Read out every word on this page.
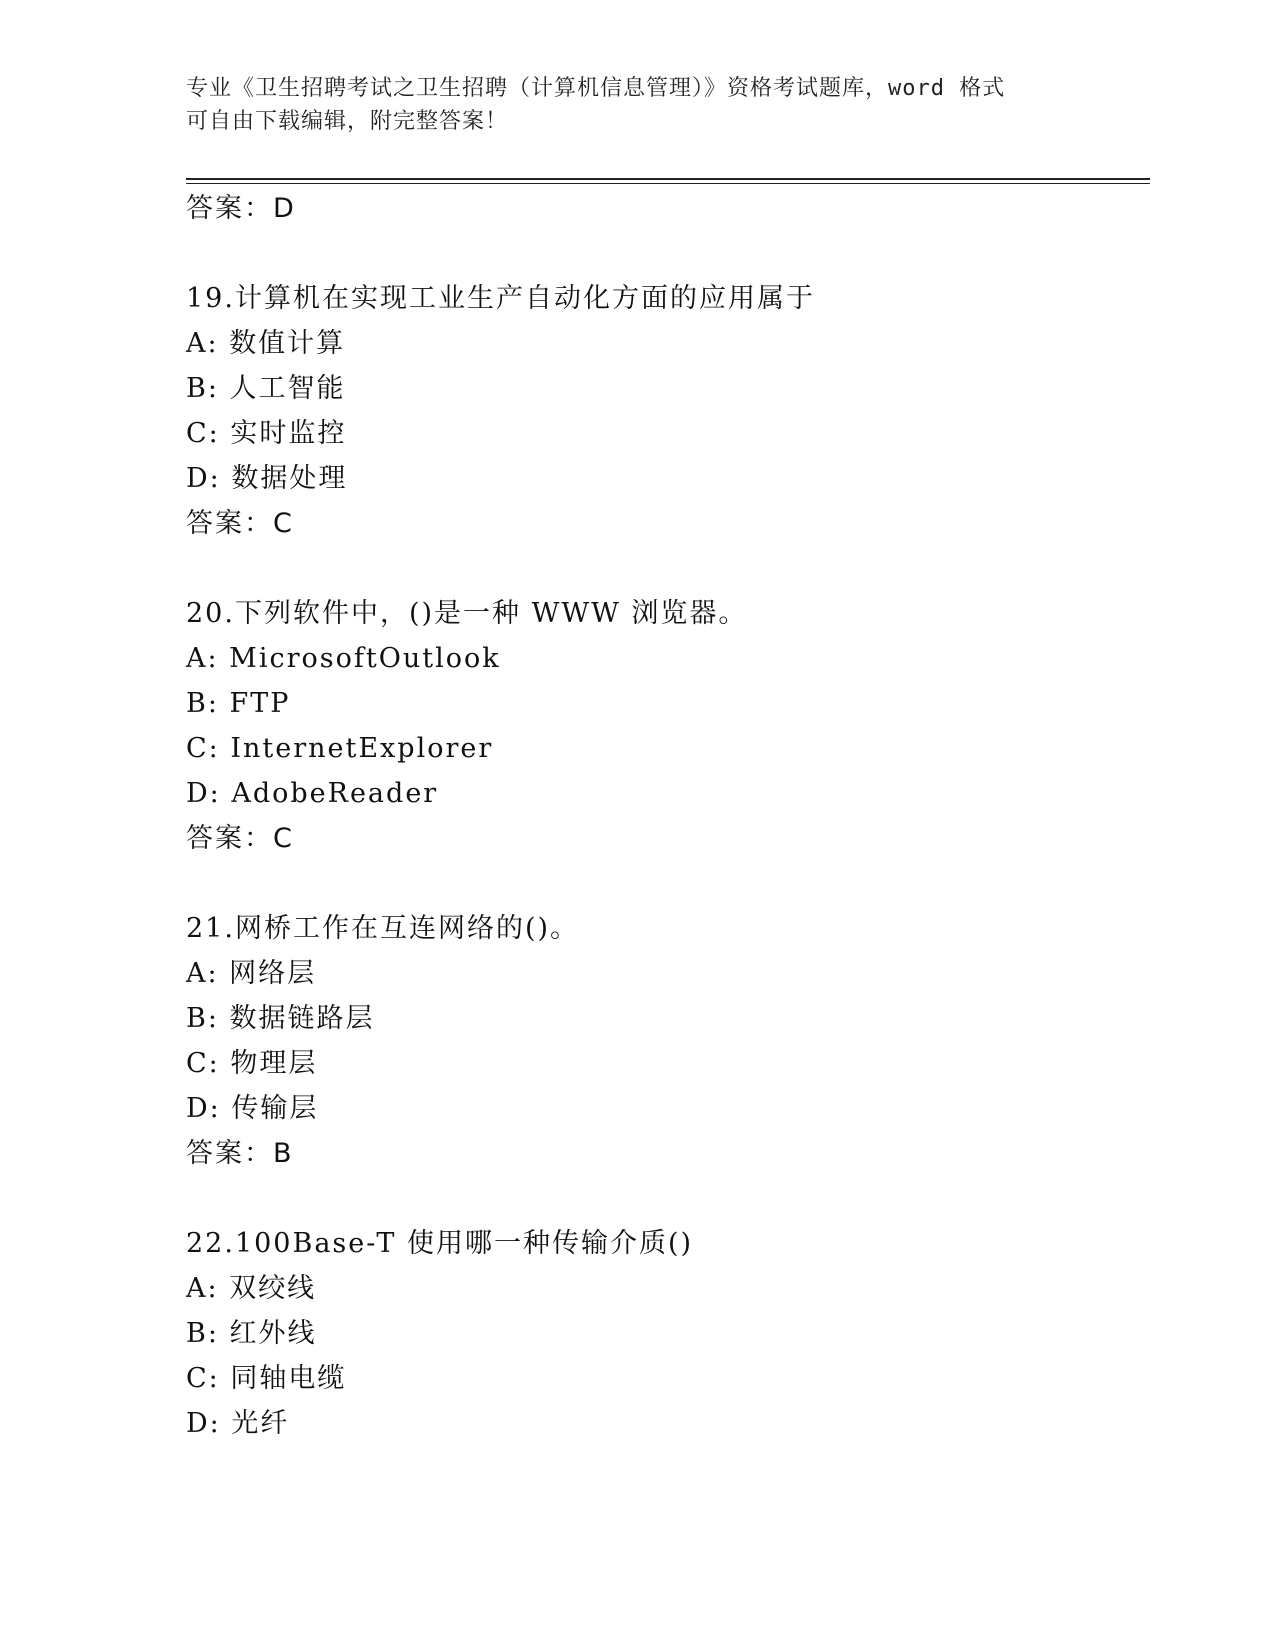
专业《卫生招聘考试之卫生招聘（计算机信息管理）》资格考试题库，word 格式
可自由下载编辑，附完整答案！
答案：D
19.计算机在实现工业生产自动化方面的应用属于
A: 数值计算
B: 人工智能
C: 实时监控
D: 数据处理
答案：C
20.下列软件中，()是一种 WWW 浏览器。
A: MicrosoftOutlook
B: FTP
C: InternetExplorer
D: AdobeReader
答案：C
21.网桥工作在互连网络的()。
A: 网络层
B: 数据链路层
C: 物理层
D: 传输层
答案：B
22.100Base-T 使用哪一种传输介质()
A: 双绞线
B: 红外线
C: 同轴电缆
D: 光纤
